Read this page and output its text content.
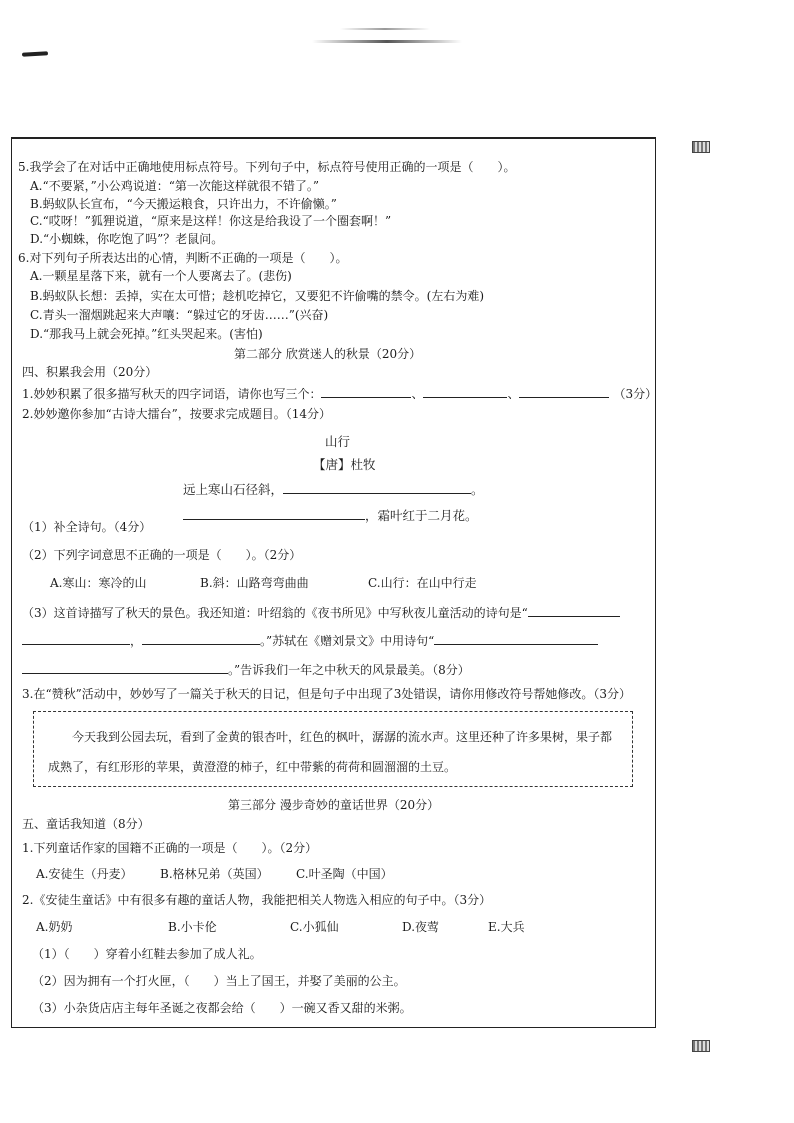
5.我学会了在对话中正确地使用标点符号。下列句子中，标点符号使用正确的一项是（　　）。
A.“不要紧，”小公鸡说道：“第一次能这样就很不错了。”
B.蚂蚁队长宣布，“今天搬运粮食，只许出力，不许偷懒。”
C.“哎呀！”狐狸说道，“原来是这样！你这是给我设了一个圈套啊！”
D.“小蜘蛛，你吃饱了吗”？老鼠问。
6.对下列句子所表达出的心情，判断不正确的一项是（　　）。
A.一颗星星落下来，就有一个人要离去了。(悲伤)
B.蚂蚁队长想：丢掉，实在太可惜；趁机吃掉它，又要犯不许偷嘴的禁令。(左右为难)
C.青头一溜烟跳起来大声嚷：“躲过它的牙齿……”(兴奋)
D.“那我马上就会死掉。”红头哭起来。(害怕)
第二部分 欣赏迷人的秋景（20分）
四、积累我会用（20分）
1.妙妙积累了很多描写秋天的四字词语，请你也写三个：	、	、	（3分）
2.妙妙邀你参加“古诗大擂台”，按要求完成题目。（14分）
山行
【唐】杜牧
远上寒山石径斜，	。
，霜叶红于二月花。
（1）补全诗句。（4分）
（2）下列字词意思不正确的一项是（　　）。（2分）
A.寒山：寒冷的山	B.斜：山路弯弯曲曲	C.山行：在山中行走
（3）这首诗描写了秋天的景色。我还知道：叶绍翁的《夜书所见》中写秋夜儿童活动的诗句是“
，	。”苏轼在《赠刘景文》中用诗句“
。”告诉我们一年之中秋天的风景最美。（8分）
3.在“赞秋”活动中，妙妙写了一篇关于秋天的日记，但是句子中出现了3处错误，请你用修改符号帮她修改。（3分）
今天我到公园去玩，看到了金黄的银杏叶，红色的枫叶，潺潺的流水声。这里还种了许多果树，果子都成熟了，有红形形的苹果，黄澄澄的柿子，红中带紫的荷荷和圆溜溜的土豆。
第三部分 漫步奇妙的童话世界（20分）
五、童话我知道（8分）
1.下列童话作家的国籍不正确的一项是（　　）。（2分）
A.安徒生（丹麦） B.格林兄弟（英国） C.叶圣陶（中国）
2.《安徒生童话》中有很多有趣的童话人物，我能把相关人物选入相应的句子中。（3分）
A.奶奶	B.小卡伦	C.小狐仙	D.夜莺	E.大兵
（1）（　　）穿着小红鞋去参加了成人礼。
（2）因为拥有一个打火匣，（　　）当上了国王，并娶了美丽的公主。
（3）小杂货店店主每年圣诞之夜都会给（　　）一碗又香又甜的米粥。
